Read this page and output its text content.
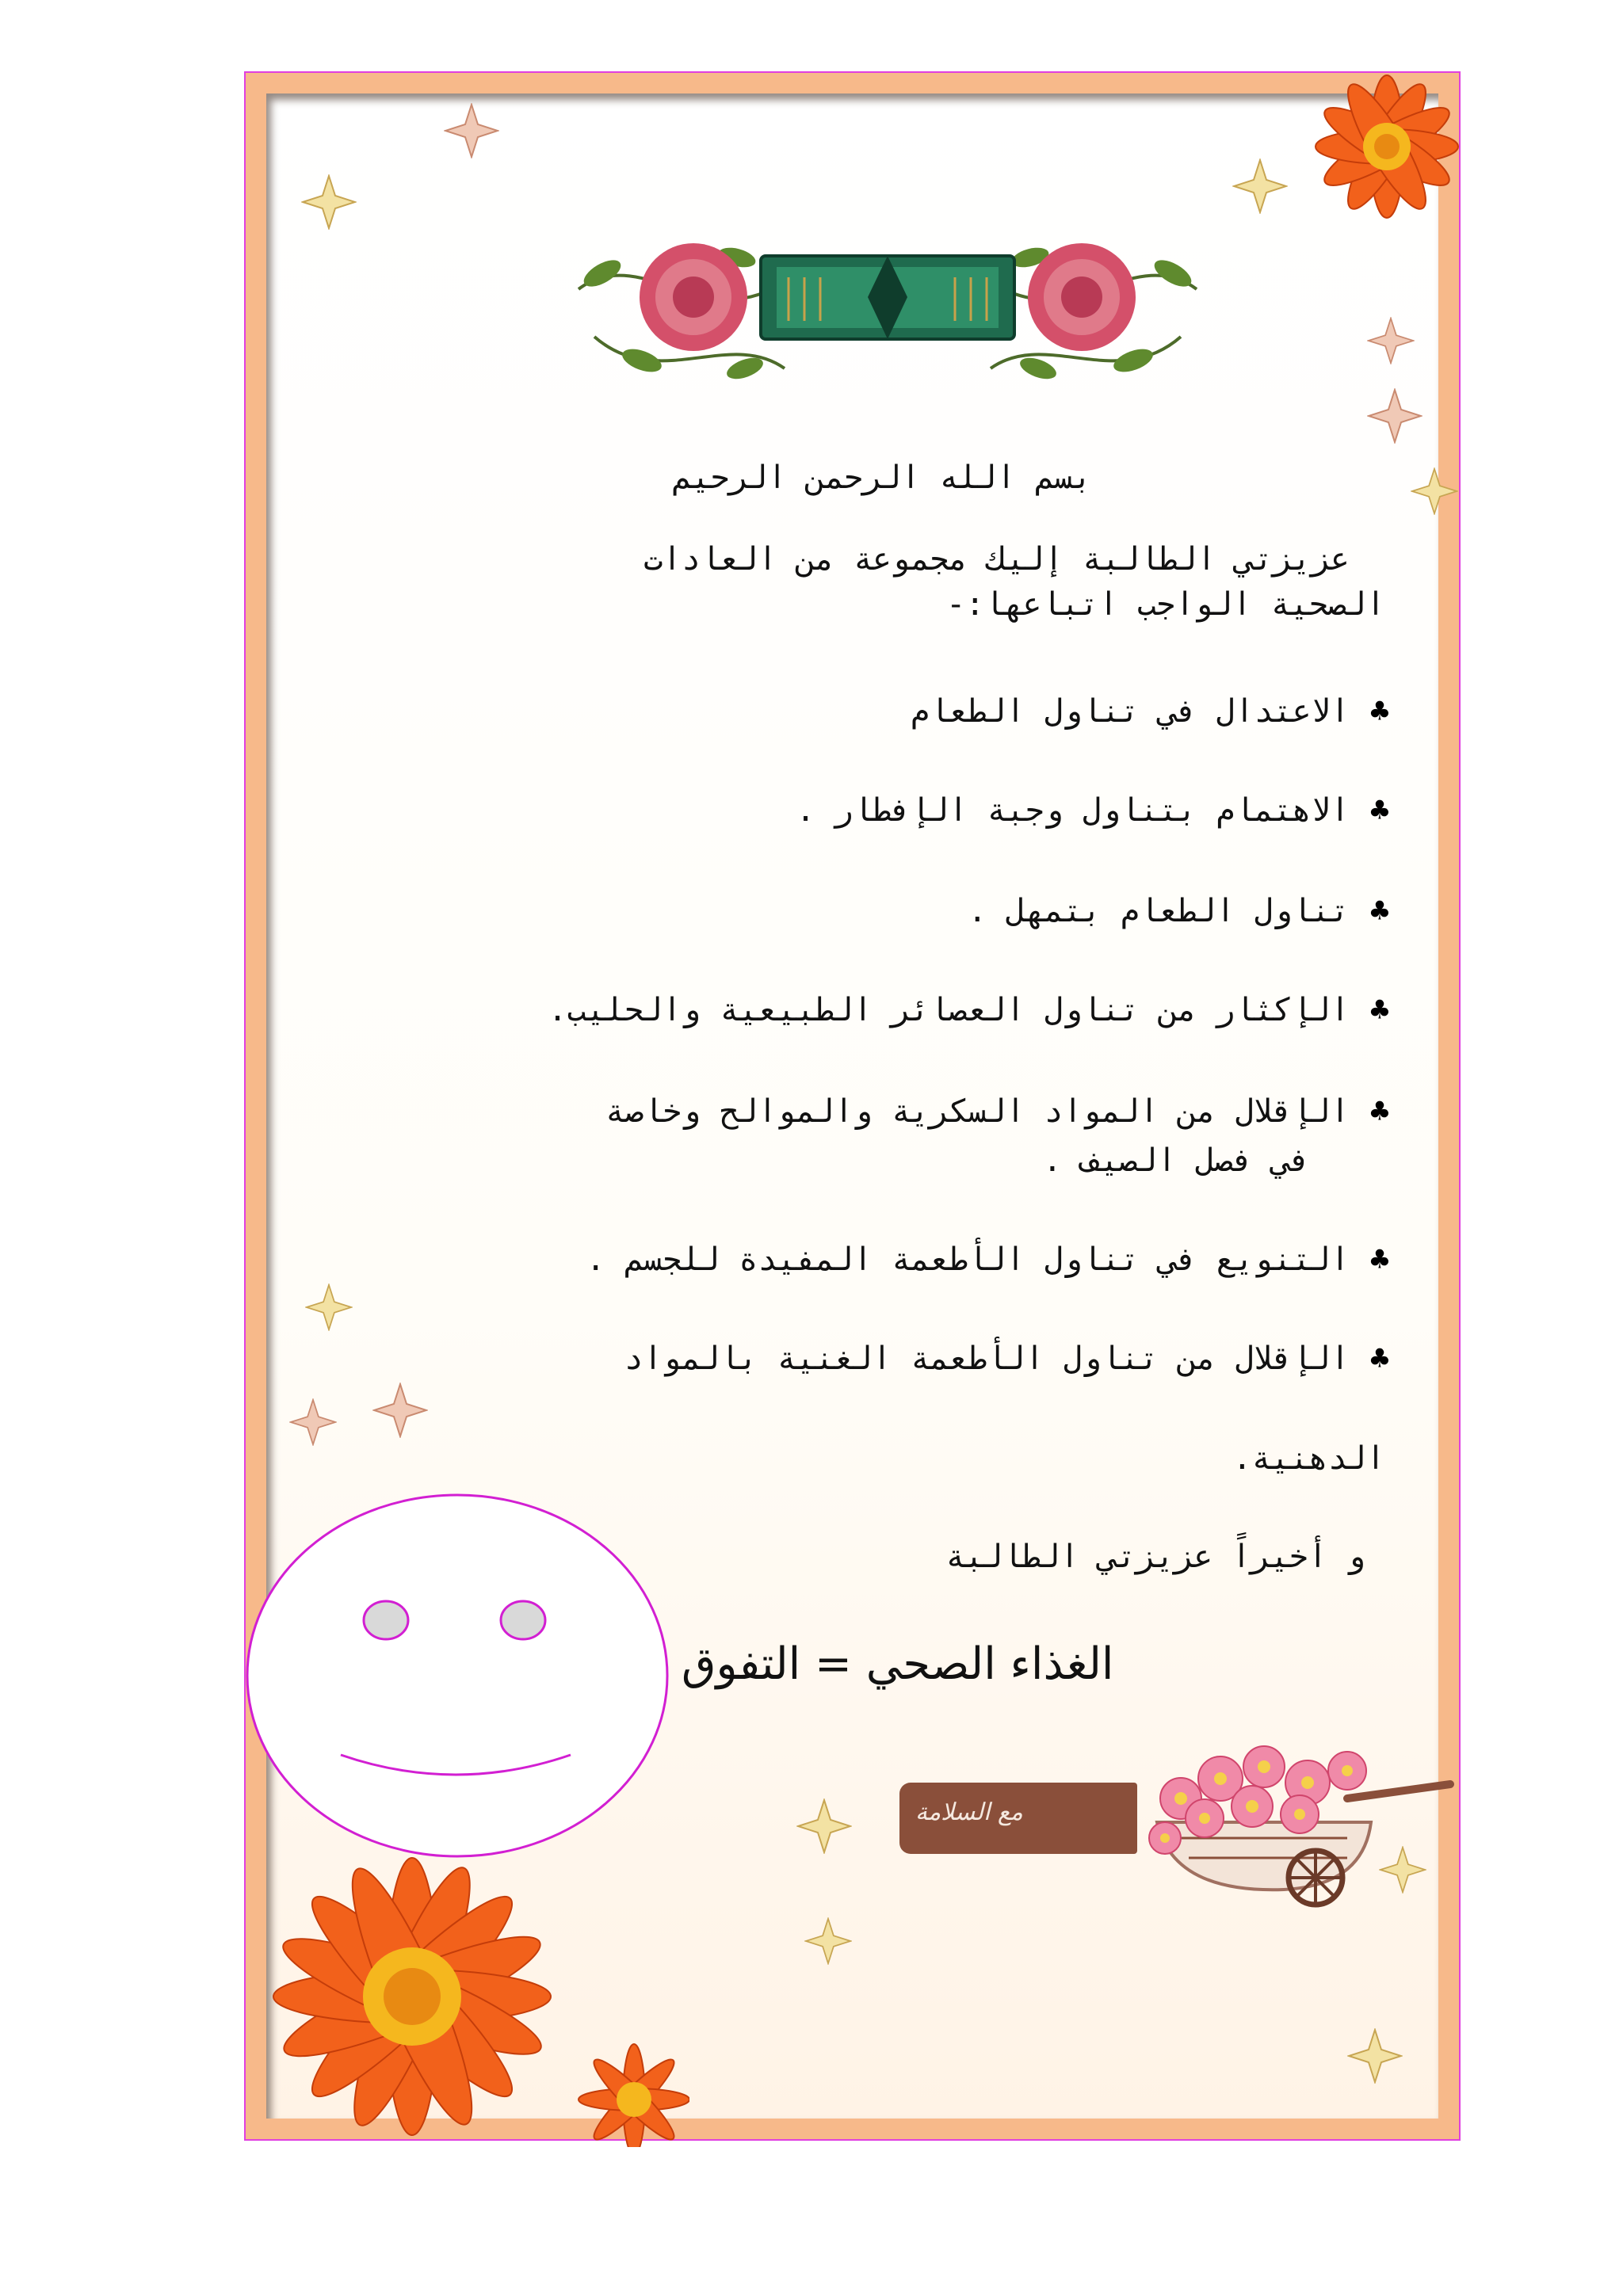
بسم الله الرحمن الرحيم
عزيزتي الطالبة إليك مجموعة من العادات
الصحية الواجب اتباعها:-
♣الاعتدال في تناول الطعام
♣الاهتمام بتناول وجبة الإفطار .
♣تناول الطعام بتمهل .
♣الإكثار من تناول العصائر الطبيعية والحليب.
♣الإقلال من المواد السكرية والموالح وخاصة
في فصل الصيف .
♣التنويع في تناول الأطعمة المفيدة للجسم .
♣الإقلال من تناول الأطعمة الغنية بالمواد
الدهنية.
و أخيراً عزيزتي الطالبة
الغذاء الصحي = التفوق
مع السلامة
